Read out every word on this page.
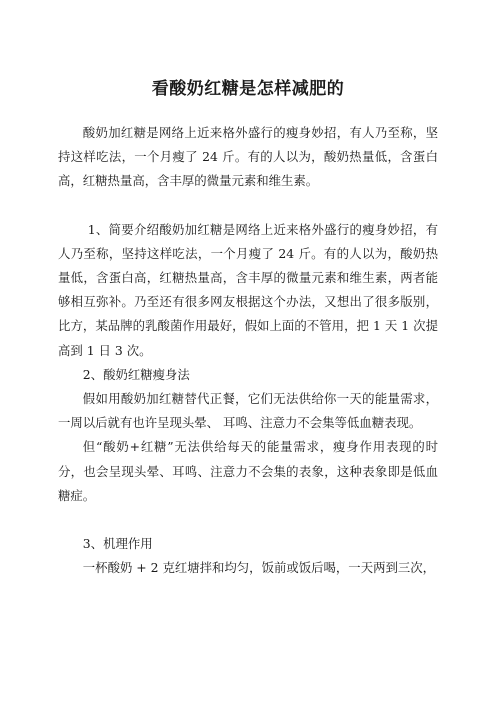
看酸奶红糖是怎样减肥的

酸奶加红糖是网络上近来格外盛行的瘦身妙招，有人乃至称，坚持这样吃法，一个月瘦了 24 斤。有的人以为，酸奶热量低，含蛋白高，红糖热量高，含丰厚的微量元素和维生素。

1、简要介绍酸奶加红糖是网络上近来格外盛行的瘦身妙招，有人乃至称，坚持这样吃法，一个月瘦了 24 斤。有的人以为，酸奶热量低，含蛋白高，红糖热量高，含丰厚的微量元素和维生素，两者能够相互弥补。乃至还有很多网友根据这个办法，又想出了很多版别，比方，某品牌的乳酸菌作用最好，假如上面的不管用，把 1 天 1 次提高到 1 日 3 次。

2、酸奶红糖瘦身法

假如用酸奶加红糖替代正餐，它们无法供给你一天的能量需求，一周以后就有也许呈现头晕、 耳鸣、注意力不会集等低血糖表现。

但“酸奶+红糖”无法供给每天的能量需求，瘦身作用表现的时分，也会呈现头晕、耳鸣、注意力不会集的表象，这种表象即是低血糖症。

3、机理作用

一杯酸奶 + 2 克红塘拌和均匀，饭前或饭后喝，一天两到三次，
